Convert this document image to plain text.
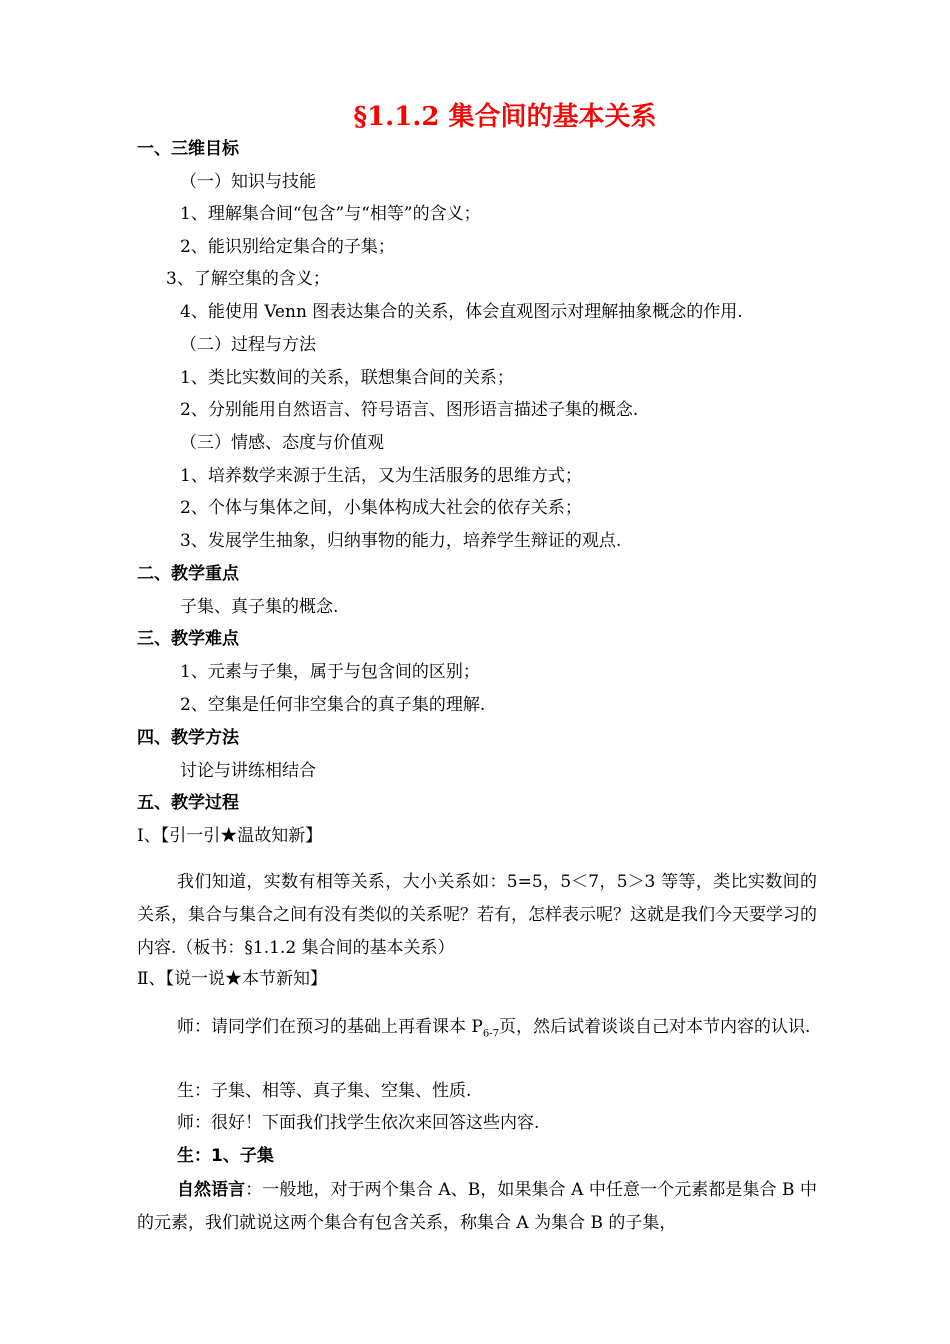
§1.1.2 集合间的基本关系
一、三维目标
（一）知识与技能
1、理解集合间“包含”与“相等”的含义；
2、能识别给定集合的子集；
3、了解空集的含义；
4、能使用 Venn 图表达集合的关系，体会直观图示对理解抽象概念的作用.
（二）过程与方法
1、类比实数间的关系，联想集合间的关系；
2、分别能用自然语言、符号语言、图形语言描述子集的概念.
（三）情感、态度与价值观
1、培养数学来源于生活，又为生活服务的思维方式；
2、个体与集体之间，小集体构成大社会的依存关系；
3、发展学生抽象，归纳事物的能力，培养学生辩证的观点.
二、教学重点
子集、真子集的概念.
三、教学难点
1、元素与子集，属于与包含间的区别；
2、空集是任何非空集合的真子集的理解.
四、教学方法
讨论与讲练相结合
五、教学过程
Ⅰ、【引一引★温故知新】
我们知道，实数有相等关系，大小关系如：5=5，5＜7，5＞3 等等，类比实数间的关系，集合与集合之间有没有类似的关系呢？若有，怎样表示呢？这就是我们今天要学习的内容.（板书：§1.1.2 集合间的基本关系）
Ⅱ、【说一说★本节新知】
师：请同学们在预习的基础上再看课本 $P_{6-7}$页，然后试着谈谈自己对本节内容的认识.
生：子集、相等、真子集、空集、性质.
师：很好！下面我们找学生依次来回答这些内容.
生：1、子集
自然语言：一般地，对于两个集合 A、B，如果集合 A 中任意一个元素都是集合 B 中的元素，我们就说这两个集合有包含关系，称集合 A 为集合 B 的子集，
